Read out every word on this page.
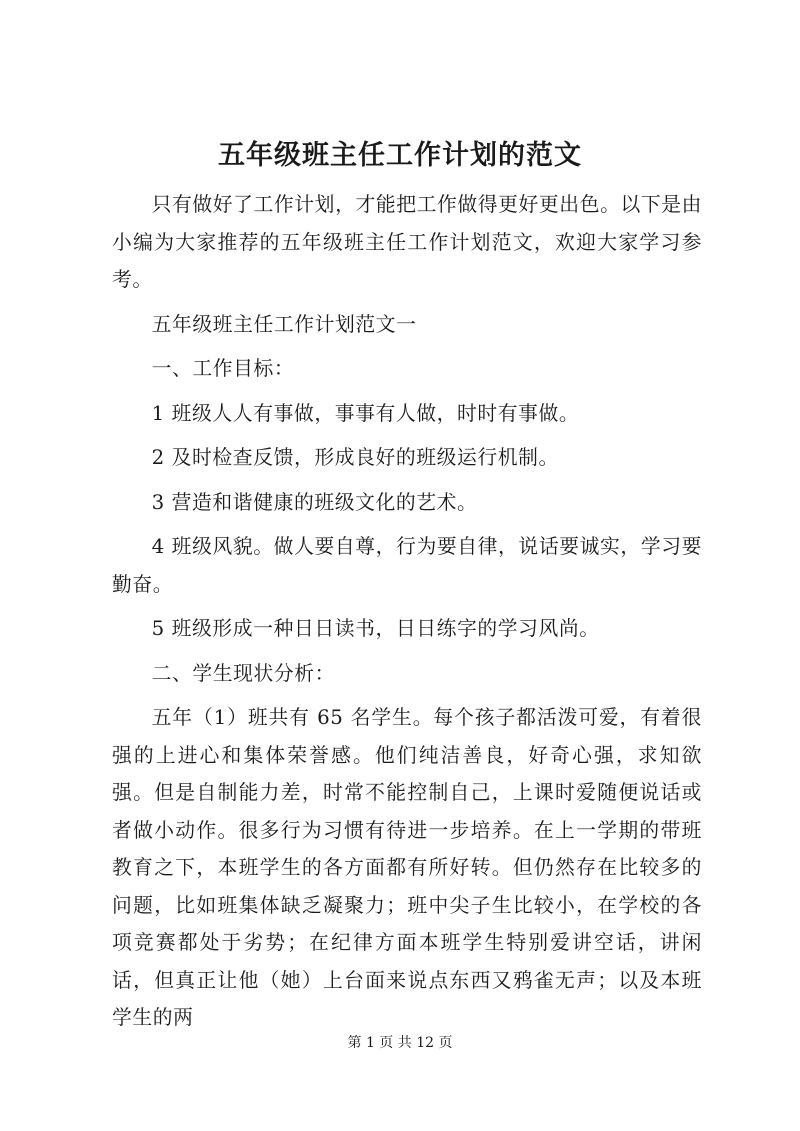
五年级班主任工作计划的范文

只有做好了工作计划，才能把工作做得更好更出色。以下是由小编为大家推荐的五年级班主任工作计划范文，欢迎大家学习参考。

五年级班主任工作计划范文一

一、工作目标：

1 班级人人有事做，事事有人做，时时有事做。

2 及时检查反馈，形成良好的班级运行机制。

3 营造和谐健康的班级文化的艺术。

4 班级风貌。做人要自尊，行为要自律，说话要诚实，学习要勤奋。

5 班级形成一种日日读书，日日练字的学习风尚。

二、学生现状分析：

五年（1）班共有 65 名学生。每个孩子都活泼可爱，有着很强的上进心和集体荣誉感。他们纯洁善良，好奇心强，求知欲强。但是自制能力差，时常不能控制自己，上课时爱随便说话或者做小动作。很多行为习惯有待进一步培养。在上一学期的带班教育之下，本班学生的各方面都有所好转。但仍然存在比较多的问题，比如班集体缺乏凝聚力；班中尖子生比较小，在学校的各项竞赛都处于劣势；在纪律方面本班学生特别爱讲空话，讲闲话，但真正让他（她）上台面来说点东西又鸦雀无声；以及本班学生的两

第 1 页 共 12 页
